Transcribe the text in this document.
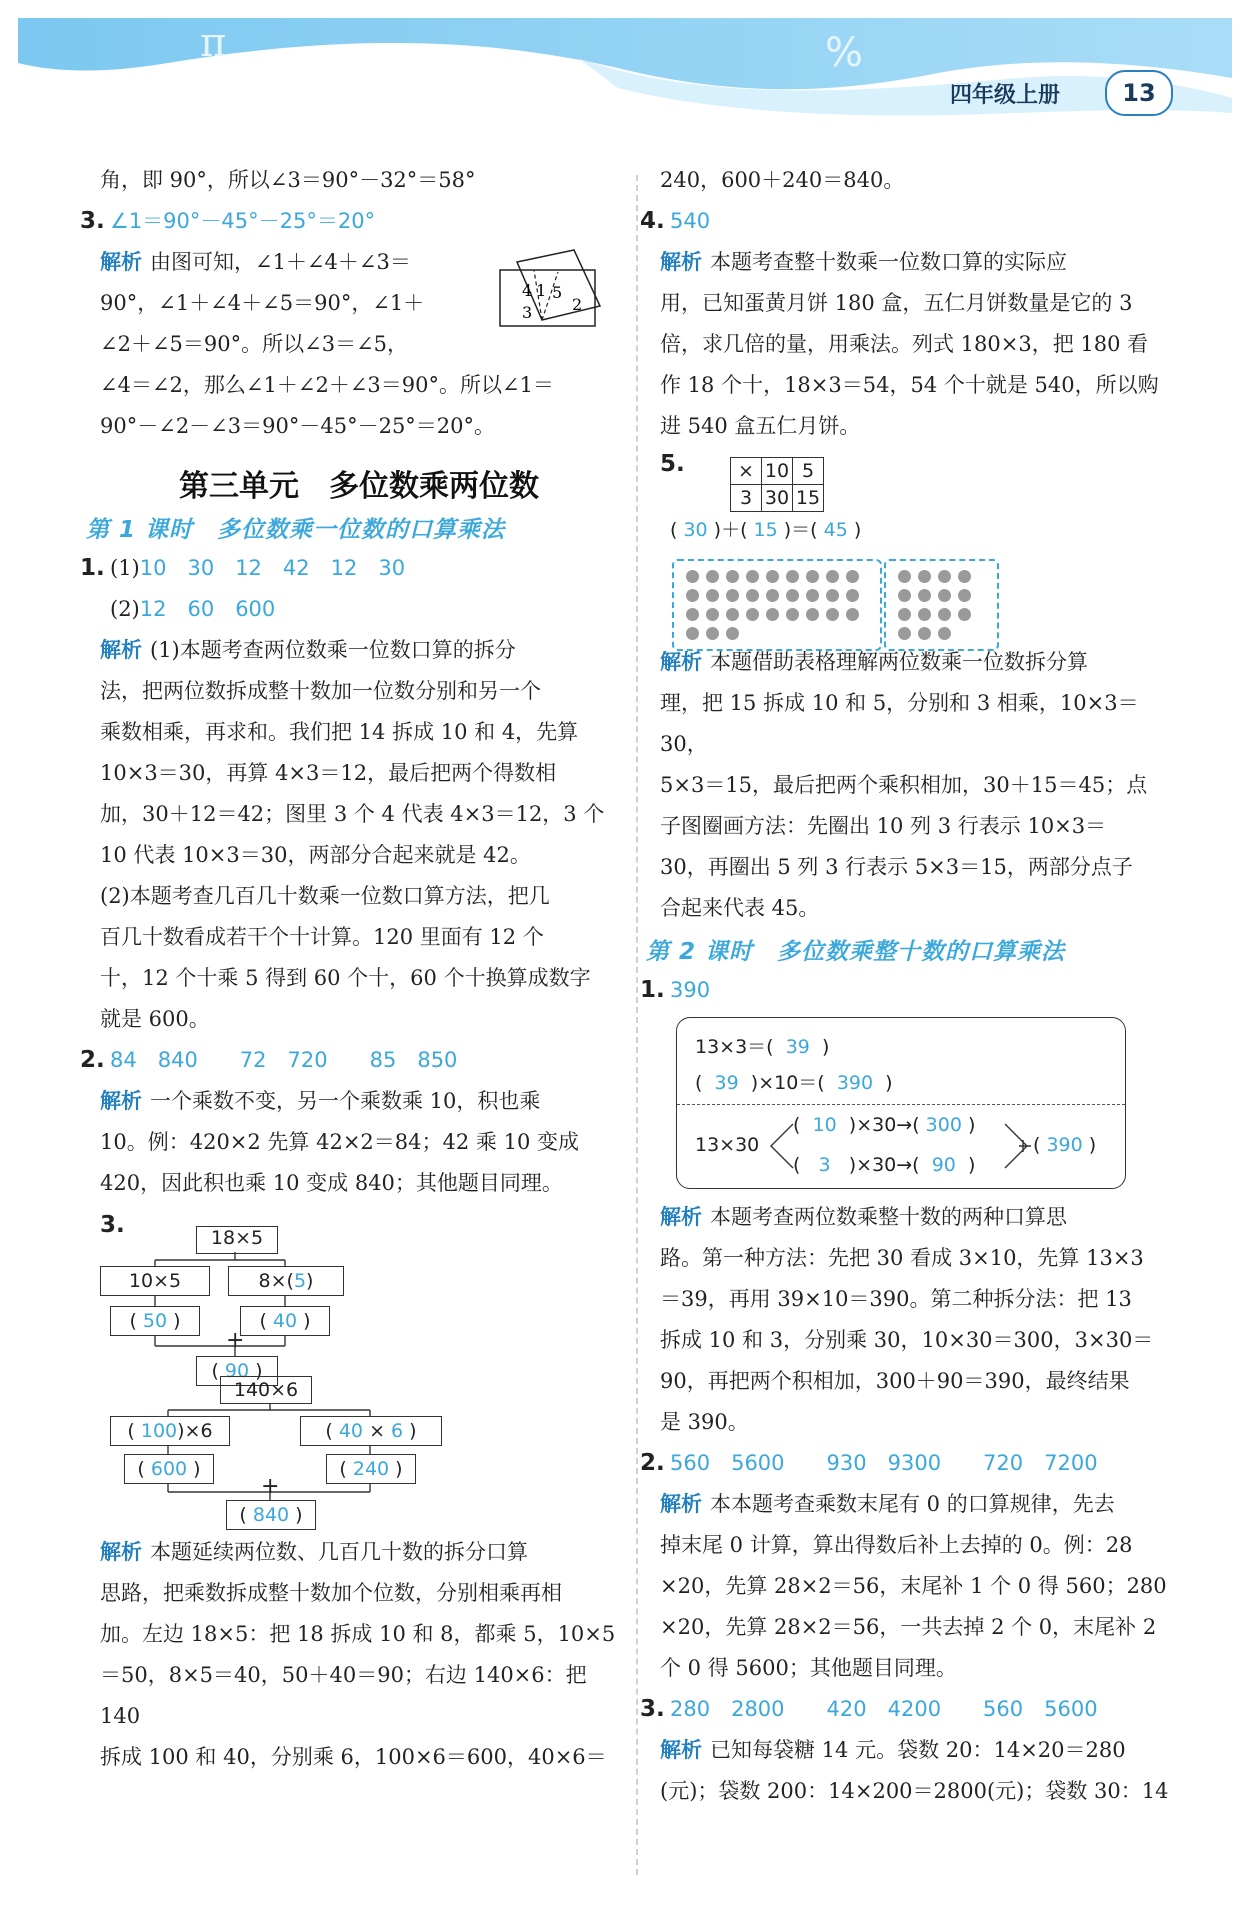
π	%
四年级上册	13

角，即 90°，所以∠3＝90°－32°＝58°

3. ∠1＝90°－45°－25°＝20°

解析 由图可知，∠1＋∠4＋∠3＝

90°，∠1＋∠4＋∠5＝90°，∠1＋

∠2＋∠5＝90°。所以∠3＝∠5，

4 1 5
3 2

∠4＝∠2，那么∠1＋∠2＋∠3＝90°。所以∠1＝

90°－∠2－∠3＝90°－45°－25°＝20°。

第三单元　多位数乘两位数
第 1 课时　多位数乘一位数的口算乘法

1. (1)10　30　12　42　12　30

(2)12　60　600

解析 (1)本题考查两位数乘一位数口算的拆分

法，把两位数拆成整十数加一位数分别和另一个

乘数相乘，再求和。我们把 14 拆成 10 和 4，先算

10×3＝30，再算 4×3＝12，最后把两个得数相

加，30＋12＝42；图里 3 个 4 代表 4×3＝12，3 个

10 代表 10×3＝30，两部分合起来就是 42。

(2)本题考查几百几十数乘一位数口算方法，把几

百几十数看成若干个十计算。120 里面有 12 个

十，12 个十乘 5 得到 60 个十，60 个十换算成数字

就是 600。

2. 84　840　　72　720　　85　850

解析 一个乘数不变，另一个乘数乘 10，积也乘

10。例：420×2 先算 42×2＝84；42 乘 10 变成

420，因此积也乘 10 变成 840；其他题目同理。

3.	18×5
10×5	8×(5)
( 50 )	( 40 )
+
( 90 )
140×6
( 100)×6	( 40 × 6 )
( 600 )	( 240 )
+
( 840 )

解析 本题延续两位数、几百几十数的拆分口算

思路，把乘数拆成整十数加个位数，分别相乘再相

加。左边 18×5：把 18 拆成 10 和 8，都乘 5，10×5

＝50，8×5＝40，50＋40＝90；右边 140×6：把 140

拆成 100 和 40，分别乘 6，100×6＝600，40×6＝

240，600＋240＝840。

4. 540

解析 本题考查整十数乘一位数口算的实际应

用，已知蛋黄月饼 180 盒，五仁月饼数量是它的 3

倍，求几倍的量，用乘法。列式 180×3，把 180 看

作 18 个十，18×3＝54，54 个十就是 540，所以购

进 540 盒五仁月饼。

5.	×	10	5
3	30	15
( 30 )＋( 15 )＝( 45 )

解析 本题借助表格理解两位数乘一位数拆分算

理，把 15 拆成 10 和 5，分别和 3 相乘，10×3＝30，

5×3＝15，最后把两个乘积相加，30＋15＝45；点

子图圈画方法：先圈出 10 列 3 行表示 10×3＝

30，再圈出 5 列 3 行表示 5×3＝15，两部分点子

合起来代表 45。

第 2 课时　多位数乘整十数的口算乘法

1. 390

13×3＝( 39 )
(  39 )×10＝( 390 )
13×30
(  10 )×30→( 300 )
(   3 )×30→( 90  )
( 390 )

解析 本题考查两位数乘整十数的两种口算思

路。第一种方法：先把 30 看成 3×10，先算 13×3

＝39，再用 39×10＝390。第二种拆分法：把 13

拆成 10 和 3，分别乘 30，10×30＝300，3×30＝

90，再把两个积相加，300＋90＝390，最终结果

是 390。

2. 560　5600　　930　9300　　720　7200

解析 本本题考查乘数末尾有 0 的口算规律，先去

掉末尾 0 计算，算出得数后补上去掉的 0。例：28

×20，先算 28×2＝56，末尾补 1 个 0 得 560；280

×20，先算 28×2＝56，一共去掉 2 个 0，末尾补 2

个 0 得 5600；其他题目同理。

3. 280　2800　　420　4200　　560　5600

解析 已知每袋糖 14 元。袋数 20：14×20＝280

(元)；袋数 200：14×200＝2800(元)；袋数 30：14
